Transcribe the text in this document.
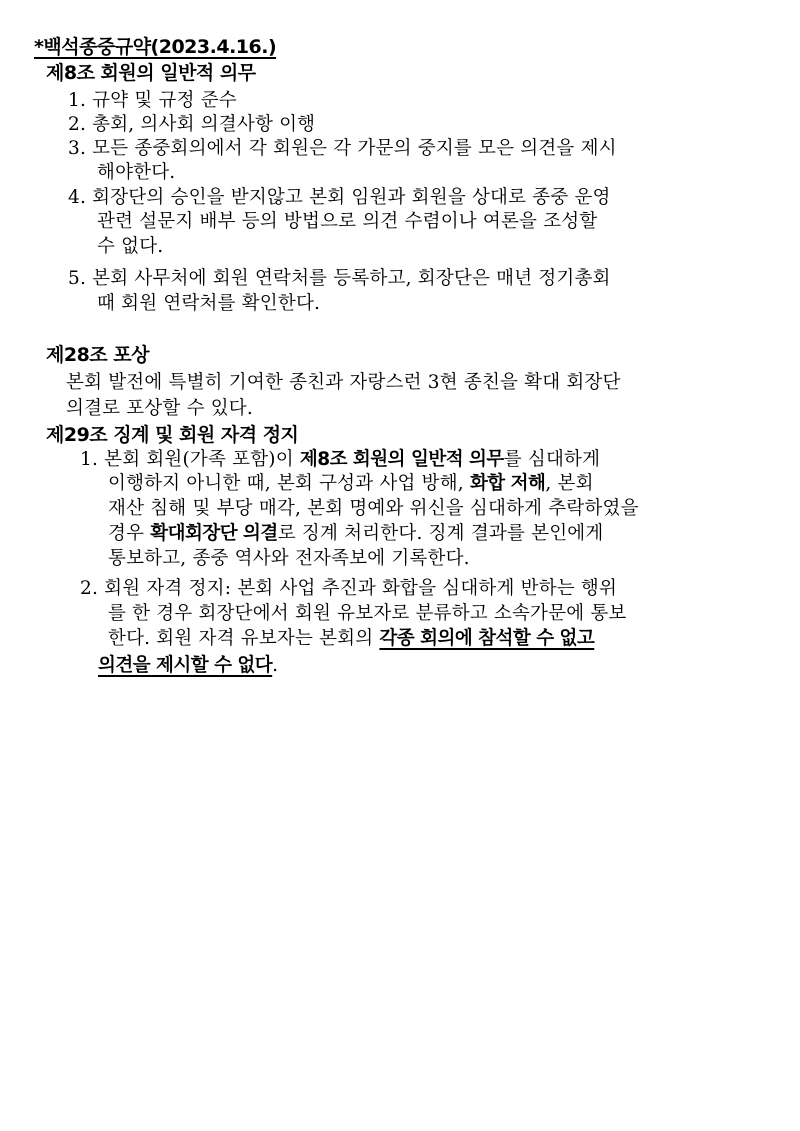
*백석종중규약(2023.4.16.)
제8조 회원의 일반적 의무
1. 규약 및 규정 준수
2. 총회, 의사회 의결사항 이행
3. 모든 종중회의에서 각 회원은 각 가문의 중지를 모은 의견을 제시
해야한다.
4. 회장단의 승인을 받지않고 본회 임원과 회원을 상대로 종중 운영
관련 설문지 배부 등의 방법으로 의견 수렴이나 여론을 조성할
수 없다.
5. 본회 사무처에 회원 연락처를 등록하고, 회장단은 매년 정기총회
때 회원 연락처를 확인한다.
제28조 포상
본회 발전에 특별히 기여한 종친과 자랑스런 3현 종친을 확대 회장단
의결로 포상할 수 있다.
제29조 징계 및 회원 자격 정지
1. 본회 회원(가족 포함)이 제8조 회원의 일반적 의무를 심대하게
이행하지 아니한 때, 본회 구성과 사업 방해, 화합 저해, 본회
재산 침해 및 부당 매각, 본회 명예와 위신을 심대하게 추락하였을
경우 확대회장단 의결로 징계 처리한다. 징계 결과를 본인에게
통보하고, 종중 역사와 전자족보에 기록한다.
2. 회원 자격 정지: 본회 사업 추진과 화합을 심대하게 반하는 행위
를 한 경우 회장단에서 회원 유보자로 분류하고 소속가문에 통보
한다. 회원 자격 유보자는 본회의 각종 회의에 참석할 수 없고
의견을 제시할 수 없다.
